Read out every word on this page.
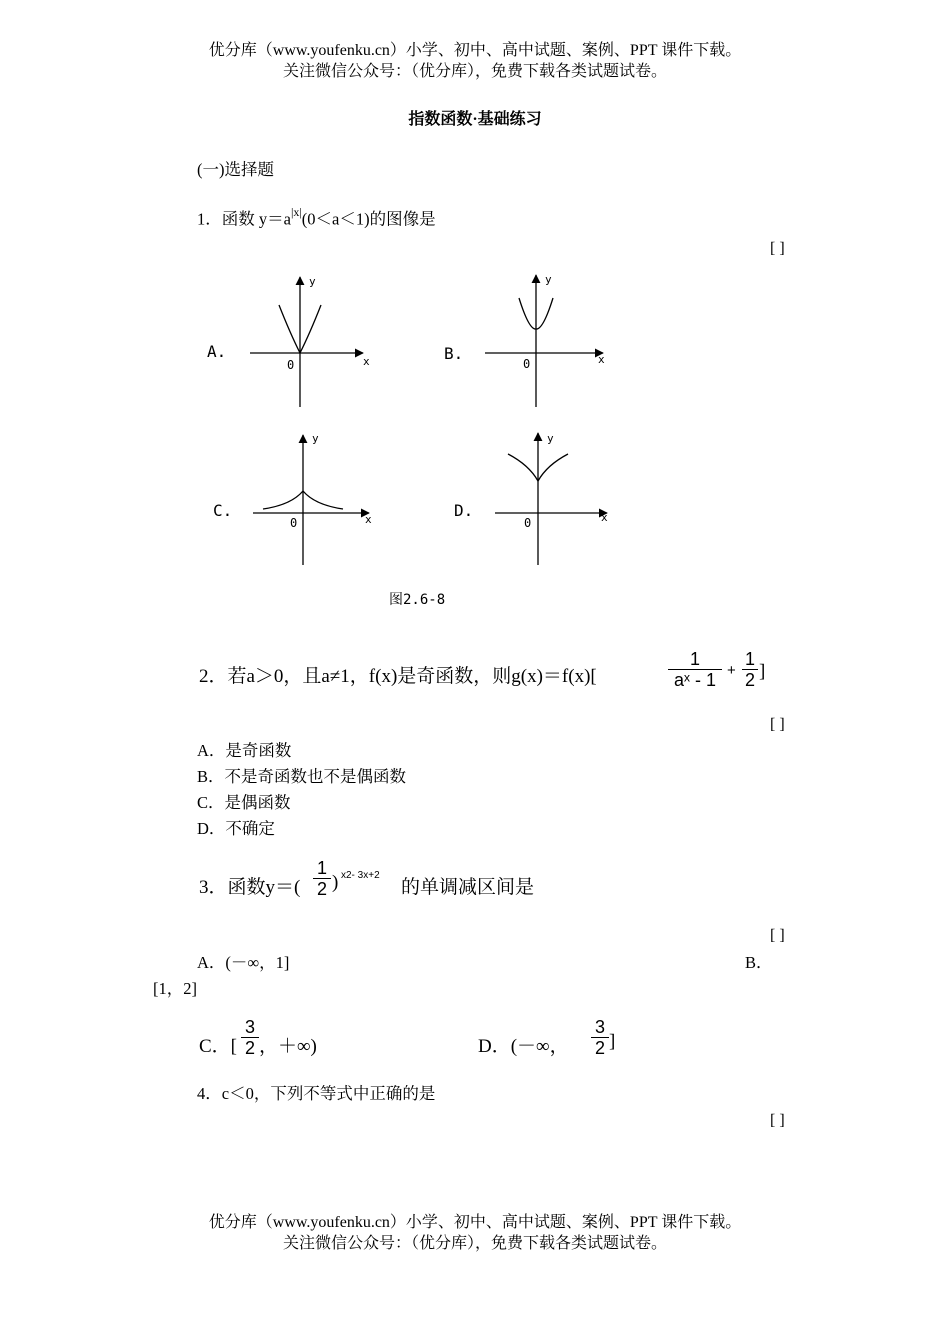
优分库（www.youfenku.cn）小学、初中、高中试题、案例、PPT 课件下载。
关注微信公众号：（优分库），免费下载各类试题试卷。
指数函数·基础练习
(一)选择题
1．函数 $y=a^{|x|}(0<a<1)$的图像是
[ ]
A.
0	x
y
B.
0	x
y
C.
0	x
y
D.
0	x
y
图2.6-8
2．若a＞0，且a≠1，f(x)是奇函数，则g(x)＝f(x)[	$\frac{1}{\text{aˣ - 1}} + \frac{1}{2}$ ]
[ ]
A．是奇函数
B．不是奇函数也不是偶函数
C．是偶函数
D．不确定
3．函数$y=( \frac{1}{2}$ ) x2- 3x+2
的单调减区间是
[ ]
A．(－∞，1]	B．
[1，2]
C．[ $\frac{3}{2}$ ，＋∞)	D．(－∞， $\frac{3}{2}$ ]
4．c＜0，下列不等式中正确的是
[ ]
优分库（www.youfenku.cn）小学、初中、高中试题、案例、PPT 课件下载。
关注微信公众号：（优分库），免费下载各类试题试卷。
